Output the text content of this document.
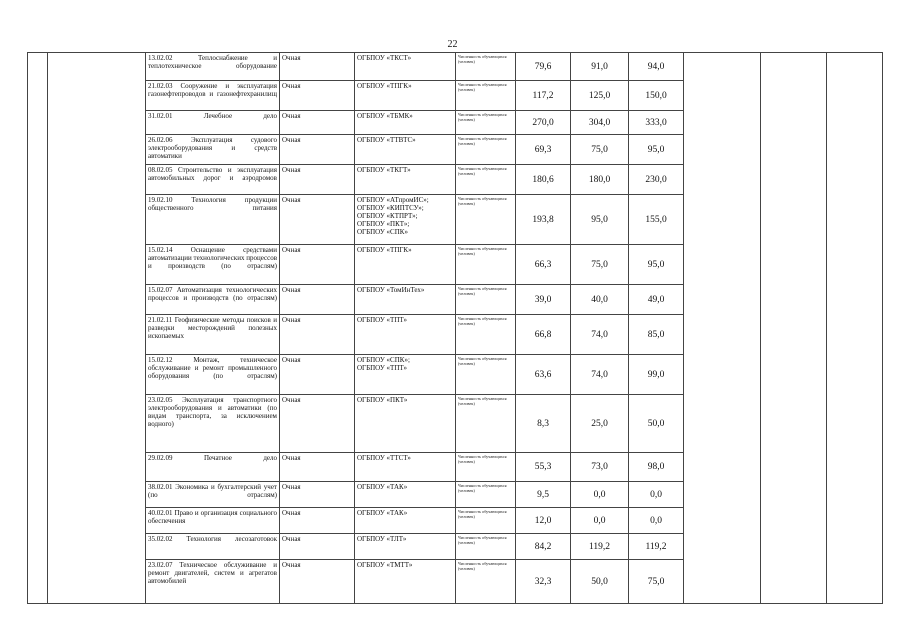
22
		13.02.02 Теплоснабжение и теплотехническое оборудование	Очная	ОГБПОУ «ТКСТ»	Численность обучающихся (человек)	79,6	91,0	94,0			
		21.02.03 Сооружение и эксплуатация газонефтепроводов и газонефтехранилищ	Очная	ОГБПОУ «ТПГК»	Численность обучающихся (человек)	117,2	125,0	150,0			
		31.02.01 Лечебное дело	Очная	ОГБПОУ «ТБМК»	Численность обучающихся (человек)	270,0	304,0	333,0			
		26.02.06 Эксплуатация судового электрооборудования и средств автоматики	Очная	ОГБПОУ «ТТВТС»	Численность обучающихся (человек)	69,3	75,0	95,0			
		08.02.05 Строительство и эксплуатация автомобильных дорог и аэродромов	Очная	ОГБПОУ «ТКГТ»	Численность обучающихся (человек)	180,6	180,0	230,0			
		19.02.10 Технология продукции общественного питания	Очная	ОГБПОУ «АТпромИС»;
ОГБПОУ «КИПТСУ»;
ОГБПОУ «КТПРТ»;
ОГБПОУ «ПКТ»;
ОГБПОУ «СПК»	Численность обучающихся (человек)	193,8	95,0	155,0			
		15.02.14 Оснащение средствами автоматизации технологических процессов и производств (по отраслям)	Очная	ОГБПОУ «ТПГК»	Численность обучающихся (человек)	66,3	75,0	95,0			
		15.02.07 Автоматизация технологических процессов и производств (по отраслям)	Очная	ОГБПОУ «ТомИнТех»	Численность обучающихся (человек)	39,0	40,0	49,0			
		21.02.11 Геофизические методы поисков и разведки месторождений полезных ископаемых	Очная	ОГБПОУ «ТПТ»	Численность обучающихся (человек)	66,8	74,0	85,0			
		15.02.12 Монтаж, техническое обслуживание и ремонт промышленного оборудования (по отраслям)	Очная	ОГБПОУ «СПК»;
ОГБПОУ «ТПТ»	Численность обучающихся (человек)	63,6	74,0	99,0			
		23.02.05 Эксплуатация транспортного электрооборудования и автоматики (по видам транспорта, за исключением водного)	Очная	ОГБПОУ «ПКТ»	Численность обучающихся (человек)	8,3	25,0	50,0			
		29.02.09 Печатное дело	Очная	ОГБПОУ «ТТСТ»	Численность обучающихся (человек)	55,3	73,0	98,0			
		38.02.01 Экономика и бухгалтерский учет (по отраслям)	Очная	ОГБПОУ «ТАК»	Численность обучающихся (человек)	9,5	0,0	0,0			
		40.02.01 Право и организация социального обеспечения	Очная	ОГБПОУ «ТАК»	Численность обучающихся (человек)	12,0	0,0	0,0			
		35.02.02 Технология лесозаготовок	Очная	ОГБПОУ «ТЛТ»	Численность обучающихся (человек)	84,2	119,2	119,2			
		23.02.07 Техническое обслуживание и ремонт двигателей, систем и агрегатов автомобилей	Очная	ОГБПОУ «ТМТТ»	Численность обучающихся (человек)	32,3	50,0	75,0			
